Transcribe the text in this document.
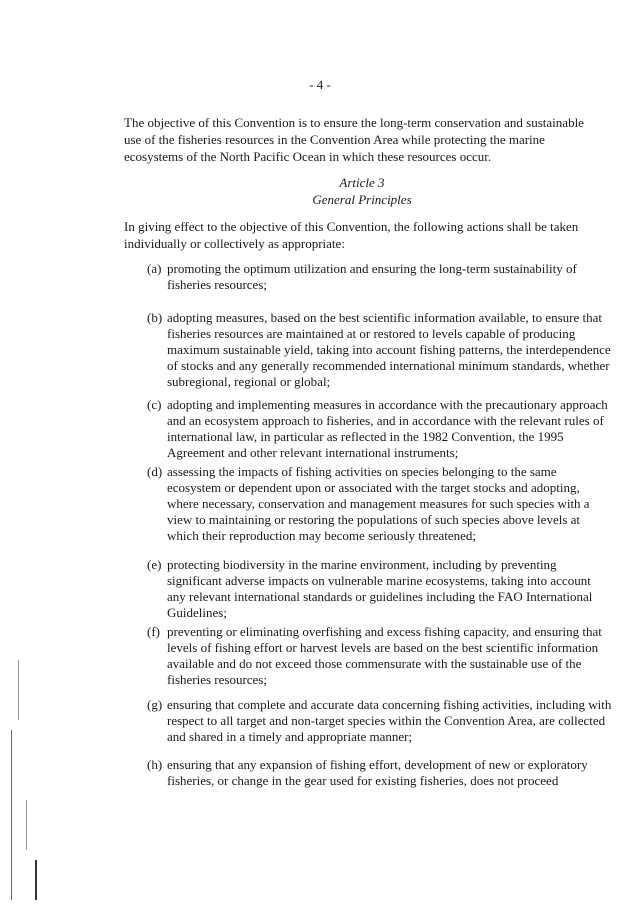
- 4 -

The objective of this Convention is to ensure the long-term conservation and sustainable use of the fisheries resources in the Convention Area while protecting the marine ecosystems of the North Pacific Ocean in which these resources occur.

Article 3
General Principles

In giving effect to the objective of this Convention, the following actions shall be taken individually or collectively as appropriate:

(a) promoting the optimum utilization and ensuring the long-term sustainability of fisheries resources;
(b) adopting measures, based on the best scientific information available, to ensure that fisheries resources are maintained at or restored to levels capable of producing maximum sustainable yield, taking into account fishing patterns, the interdependence of stocks and any generally recommended international minimum standards, whether subregional, regional or global;
(c) adopting and implementing measures in accordance with the precautionary approach and an ecosystem approach to fisheries, and in accordance with the relevant rules of international law, in particular as reflected in the 1982 Convention, the 1995 Agreement and other relevant international instruments;
(d) assessing the impacts of fishing activities on species belonging to the same ecosystem or dependent upon or associated with the target stocks and adopting, where necessary, conservation and management measures for such species with a view to maintaining or restoring the populations of such species above levels at which their reproduction may become seriously threatened;
(e) protecting biodiversity in the marine environment, including by preventing significant adverse impacts on vulnerable marine ecosystems, taking into account any relevant international standards or guidelines including the FAO International Guidelines;
(f) preventing or eliminating overfishing and excess fishing capacity, and ensuring that levels of fishing effort or harvest levels are based on the best scientific information available and do not exceed those commensurate with the sustainable use of the fisheries resources;
(g) ensuring that complete and accurate data concerning fishing activities, including with respect to all target and non-target species within the Convention Area, are collected and shared in a timely and appropriate manner;
(h) ensuring that any expansion of fishing effort, development of new or exploratory fisheries, or change in the gear used for existing fisheries, does not proceed
